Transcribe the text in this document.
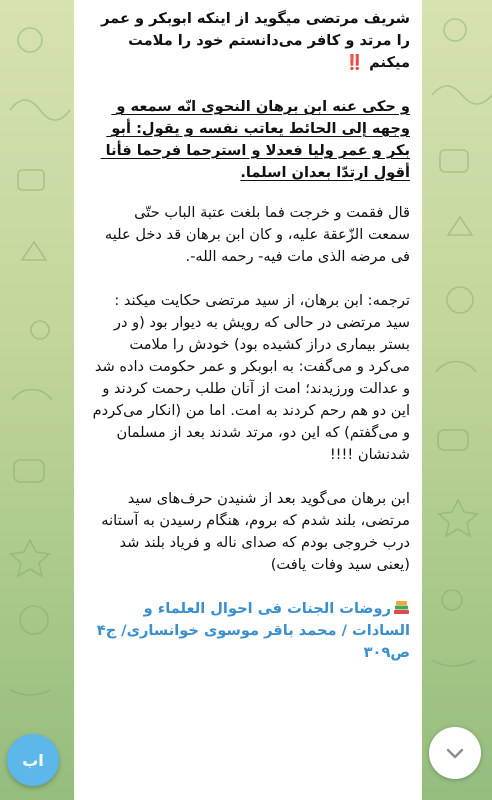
شریف مرتضی میگوید از اینکه ابوبکر و عمر را مرتد و کافر می‌دانستم خود را ملامت میکنم ‼️

و حکی عنه ابن برهان النحوی انّه سمعه و وجهه إلی الحائط یعاتب نفسه و یقول: أبو بکر و عمر ولیا فعدلا و استرحما فرحما فأنا أقول ارتدّا بعدان اسلما.

قال فقمت و خرجت فما بلغت عتبة الباب حتّی سمعت الزّعقة علیه، و کان ابن برهان قد دخل علیه فی مرضه الذی مات فیه- رحمه الله-.

ترجمه: ابن برهان، از سید مرتضی حکایت میکند :  سید مرتضی در حالی که رویش به دیوار بود (و در بستر بیماری دراز کشیده بود) خودش را ملامت می‌کرد و می‌گفت: به ابوبکر و عمر حکومت داده شد و عدالت ورزیدند؛ امت از آنان طلب رحمت کردند و این دو هم رحم کردند به امت. اما من (انکار می‌کردم و می‌گفتم) که این دو، مرتد شدند بعد از مسلمان شدنشان !!!!

ابن برهان می‌گوید بعد از شنیدن حرف‌های سید مرتضی، بلند شدم که بروم، هنگام رسیدن به آستانه درب خروجی بودم که صدای ناله و فریاد بلند شد (یعنی سید وفات یافت)

روضات الجنات فی احوال العلماء و السادات / محمد باقر موسوی خوانساری/ ج۴ ص۳۰۹

اب
